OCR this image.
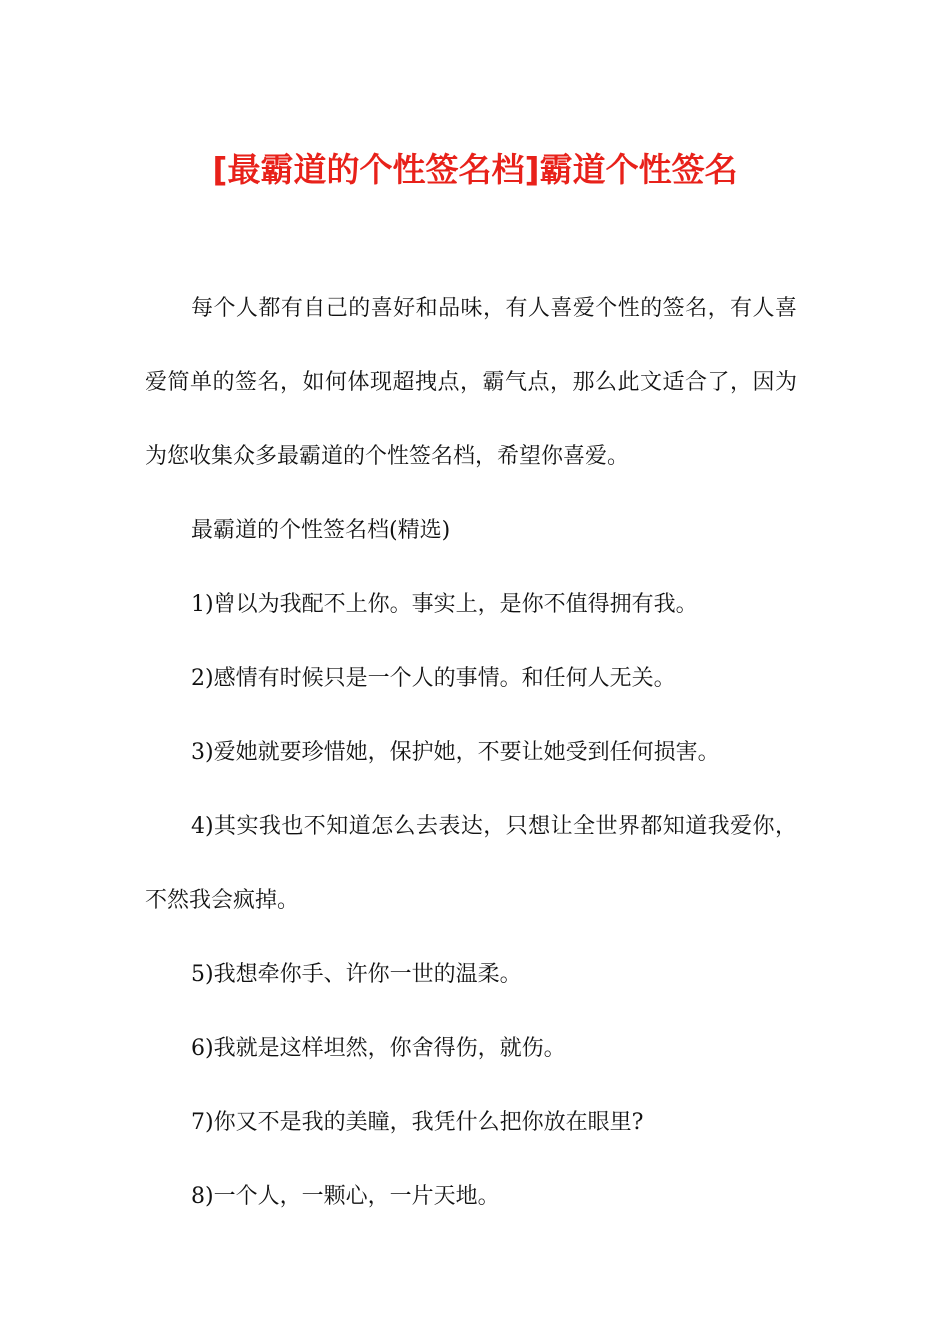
[最霸道的个性签名档]霸道个性签名

每个人都有自己的喜好和品味，有人喜爱个性的签名，有人喜爱简单的签名，如何体现超拽点，霸气点，那么此文适合了，因为为您收集众多最霸道的个性签名档，希望你喜爱。

最霸道的个性签名档(精选)

1)曾以为我配不上你。事实上，是你不值得拥有我。

2)感情有时候只是一个人的事情。和任何人无关。

3)爱她就要珍惜她，保护她，不要让她受到任何损害。

4)其实我也不知道怎么去表达，只想让全世界都知道我爱你，不然我会疯掉。

5)我想牵你手、许你一世的温柔。

6)我就是这样坦然，你舍得伤，就伤。

7)你又不是我的美瞳，我凭什么把你放在眼里?

8)一个人，一颗心，一片天地。
